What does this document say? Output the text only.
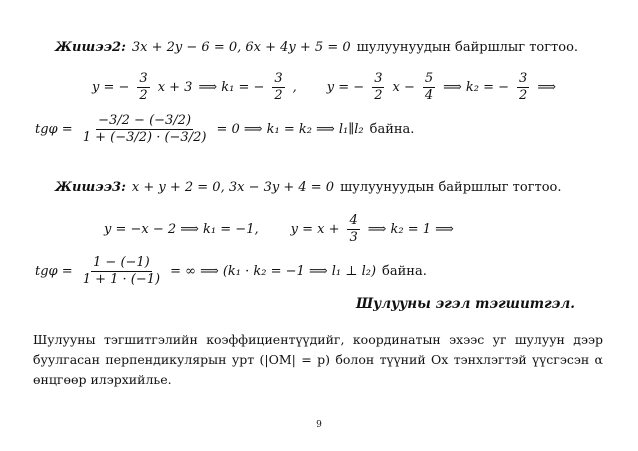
Жишээ2: 3x + 2y − 6 = 0, 6x + 4y + 5 = 0 шулуунуудын байршлыг тогтоо.
y = − $\frac{3}{2}$ x + 3 ⟹ k₁ = − $\frac{3}{2}$ , y = − $\frac{3}{2}$ $x - \frac{5}{4}$ ⟹ k₂ = − $\frac{3}{2}$ ⟹
$tg\varphi = \frac{-3/2 - (-3/2)}{1 + (-3/2) \cdot (-3/2)} = 0$ ⟹ k₁ = k₂ ⟹ l₁∥l₂ байна.
Жишээ3: x + y + 2 = 0, 3x − 3y + 4 = 0 шулуунуудын байршлыг тогтоо.
y = −x − 2 ⟹ k₁ = −1, $y = x + \frac{4}{3}$ ⟹ k₂ = 1 ⟹
$tg\varphi = \frac{1 - (-1)}{1 + 1 \cdot (-1)}$ = ∞ ⟹ (k₁ · k₂ = −1 ⟹ l₁ ⊥ l₂) байна.
Шулууны эгэл тэгшитгэл.
Шулууны тэгшитгэлийн коэффициентүүдийг, координатын эхээс уг шулуун дээр буулгасан перпендикулярын урт (|OM| = p) болон түүний Ox тэнхлэгтэй үүсгэсэн α өнцгөөр илэрхийлье.
9
